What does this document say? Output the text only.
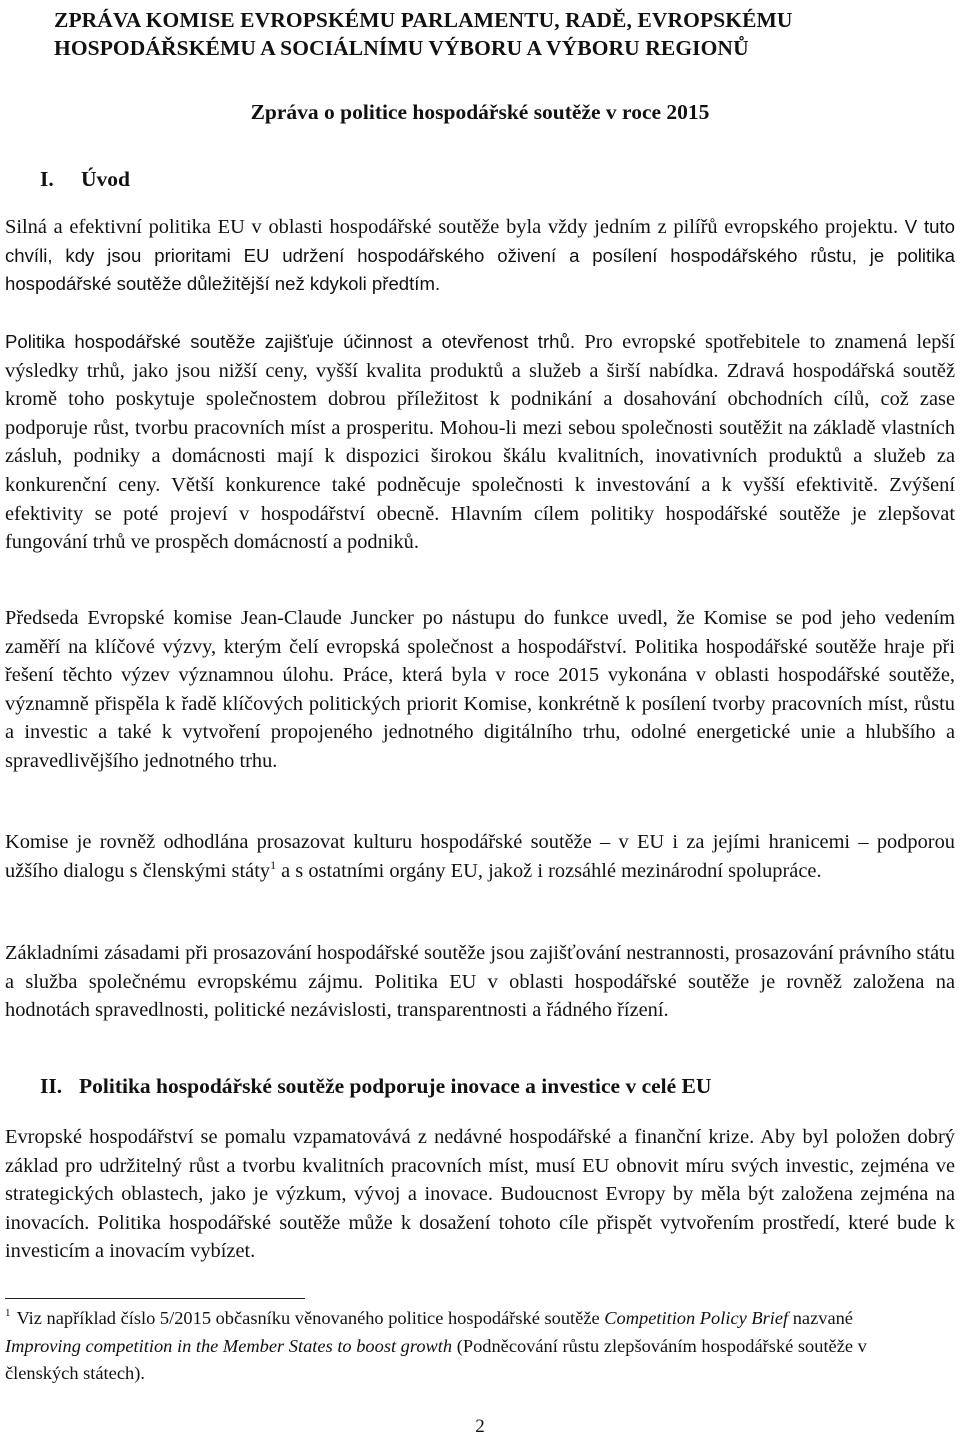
ZPRÁVA KOMISE EVROPSKÉMU PARLAMENTU, RADĚ, EVROPSKÉMU
HOSPODÁŘSKÉMU A SOCIÁLNÍMU VÝBORU A VÝBORU REGIONŮ
Zpráva o politice hospodářské soutěže v roce 2015
I. Úvod

Silná a efektivní politika EU v oblasti hospodářské soutěže byla vždy jedním z pilířů evropského projektu. V tuto chvíli, kdy jsou prioritami EU udržení hospodářského oživení a posílení hospodářského růstu, je politika hospodářské soutěže důležitější než kdykoli předtím.

Politika hospodářské soutěže zajišťuje účinnost a otevřenost trhů. Pro evropské spotřebitele to znamená lepší výsledky trhů, jako jsou nižší ceny, vyšší kvalita produktů a služeb a širší nabídka. Zdravá hospodářská soutěž kromě toho poskytuje společnostem dobrou příležitost k podnikání a dosahování obchodních cílů, což zase podporuje růst, tvorbu pracovních míst a prosperitu. Mohou-li mezi sebou společnosti soutěžit na základě vlastních zásluh, podniky a domácnosti mají k dispozici širokou škálu kvalitních, inovativních produktů a služeb za konkurenční ceny. Větší konkurence také podněcuje společnosti k investování a k vyšší efektivitě. Zvýšení efektivity se poté projeví v hospodářství obecně. Hlavním cílem politiky hospodářské soutěže je zlepšovat fungování trhů ve prospěch domácností a podniků.

Předseda Evropské komise Jean-Claude Juncker po nástupu do funkce uvedl, že Komise se pod jeho vedením zaměří na klíčové výzvy, kterým čelí evropská společnost a hospodářství. Politika hospodářské soutěže hraje při řešení těchto výzev významnou úlohu. Práce, která byla v roce 2015 vykonána v oblasti hospodářské soutěže, významně přispěla k řadě klíčových politických priorit Komise, konkrétně k posílení tvorby pracovních míst, růstu a investic a také k vytvoření propojeného jednotného digitálního trhu, odolné energetické unie a hlubšího a spravedlivějšího jednotného trhu.

Komise je rovněž odhodlána prosazovat kulturu hospodářské soutěže – v EU i za jejími hranicemi – podporou užšího dialogu s členskými státy$^1$ a s ostatními orgány EU, jakož i rozsáhlé mezinárodní spolupráce.

Základními zásadami při prosazování hospodářské soutěže jsou zajišťování nestrannosti, prosazování právního státu a služba společnému evropskému zájmu. Politika EU v oblasti hospodářské soutěže je rovněž založena na hodnotách spravedlnosti, politické nezávislosti, transparentnosti a řádného řízení.

II. Politika hospodářské soutěže podporuje inovace a investice v celé EU

Evropské hospodářství se pomalu vzpamatovává z nedávné hospodářské a finanční krize. Aby byl položen dobrý základ pro udržitelný růst a tvorbu kvalitních pracovních míst, musí EU obnovit míru svých investic, zejména ve strategických oblastech, jako je výzkum, vývoj a inovace. Budoucnost Evropy by měla být založena zejména na inovacích. Politika hospodářské soutěže může k dosažení tohoto cíle přispět vytvořením prostředí, které bude k investicím a inovacím vybízet.

$^1$ Viz například číslo 5/2015 občasníku věnovaného politice hospodářské soutěže Competition Policy Brief nazvané Improving competition in the Member States to boost growth (Podněcování růstu zlepšováním hospodářské soutěže v členských státech).

2
